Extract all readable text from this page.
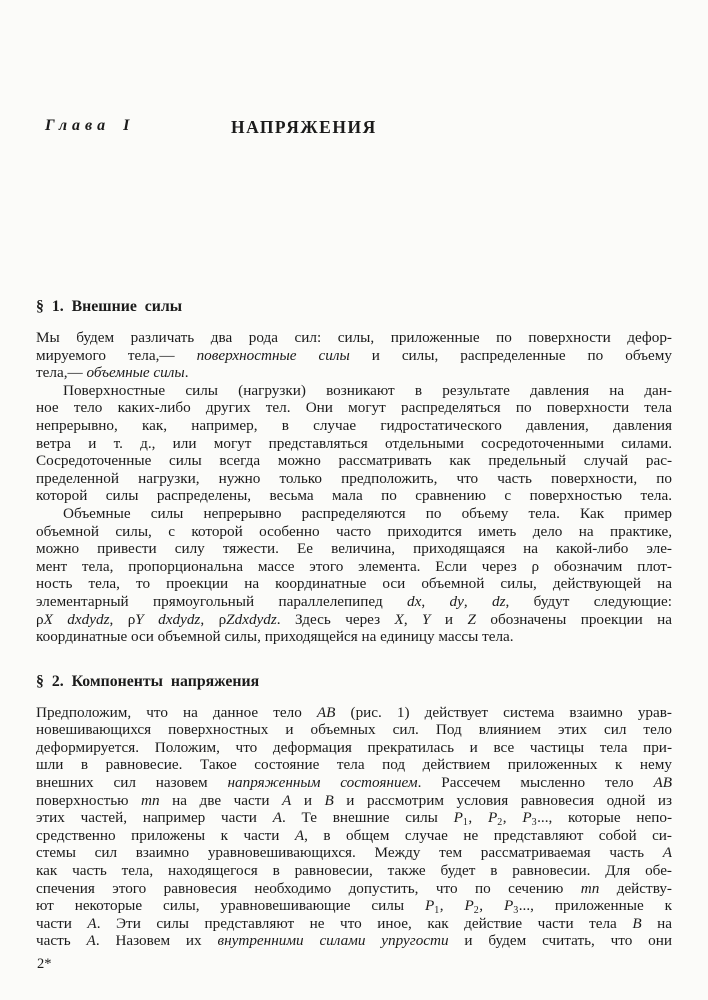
Глава I	НАПРЯЖЕНИЯ
§ 1. Внешние силы
Мы будем различать два рода сил: силы, приложенные по поверхности дефор-
мируемого тела,— поверхностные силы и силы, распределенные по объему
тела,— объемные силы.
Поверхностные силы (нагрузки) возникают в результате давления на дан-
ное тело каких-либо других тел. Они могут распределяться по поверхности тела
непрерывно, как, например, в случае гидростатического давления, давления
ветра и т. д., или могут представляться отдельными сосредоточенными силами.
Сосредоточенные силы всегда можно рассматривать как предельный случай рас-
пределенной нагрузки, нужно только предположить, что часть поверхности, по
которой силы распределены, весьма мала по сравнению с поверхностью тела.
Объемные силы непрерывно распределяются по объему тела. Как пример
объемной силы, с которой особенно часто приходится иметь дело на практике,
можно привести силу тяжести. Ее величина, приходящаяся на какой-либо эле-
мент тела, пропорциональна массе этого элемента. Если через ρ обозначим плот-
ность тела, то проекции на координатные оси объемной силы, действующей на
элементарный прямоугольный параллелепипед dx, dy, dz, будут следующие:
ρX dxdydz, ρY dxdydz, ρZdxdydz. Здесь через X, Y и Z обозначены проекции на
координатные оси объемной силы, приходящейся на единицу массы тела.
§ 2. Компоненты напряжения
Предположим, что на данное тело AB (рис. 1) действует система взаимно урав-
новешивающихся поверхностных и объемных сил. Под влиянием этих сил тело
деформируется. Положим, что деформация прекратилась и все частицы тела при-
шли в равновесие. Такое состояние тела под действием приложенных к нему
внешних сил назовем напряженным состоянием. Рассечем мысленно тело AB
поверхностью mn на две части A и B и рассмотрим условия равновесия одной из
этих частей, например части A. Те внешние силы P1, P2, P3..., которые непо-
средственно приложены к части A, в общем случае не представляют собой си-
стемы сил взаимно уравновешивающихся. Между тем рассматриваемая часть A
как часть тела, находящегося в равновесии, также будет в равновесии. Для обе-
спечения этого равновесия необходимо допустить, что по сечению mn действу-
ют некоторые силы, уравновешивающие силы P1, P2, P3..., приложенные к
части A. Эти силы представляют не что иное, как действие части тела B на
часть A. Назовем их внутренними силами упругости и будем считать, что они
2*
